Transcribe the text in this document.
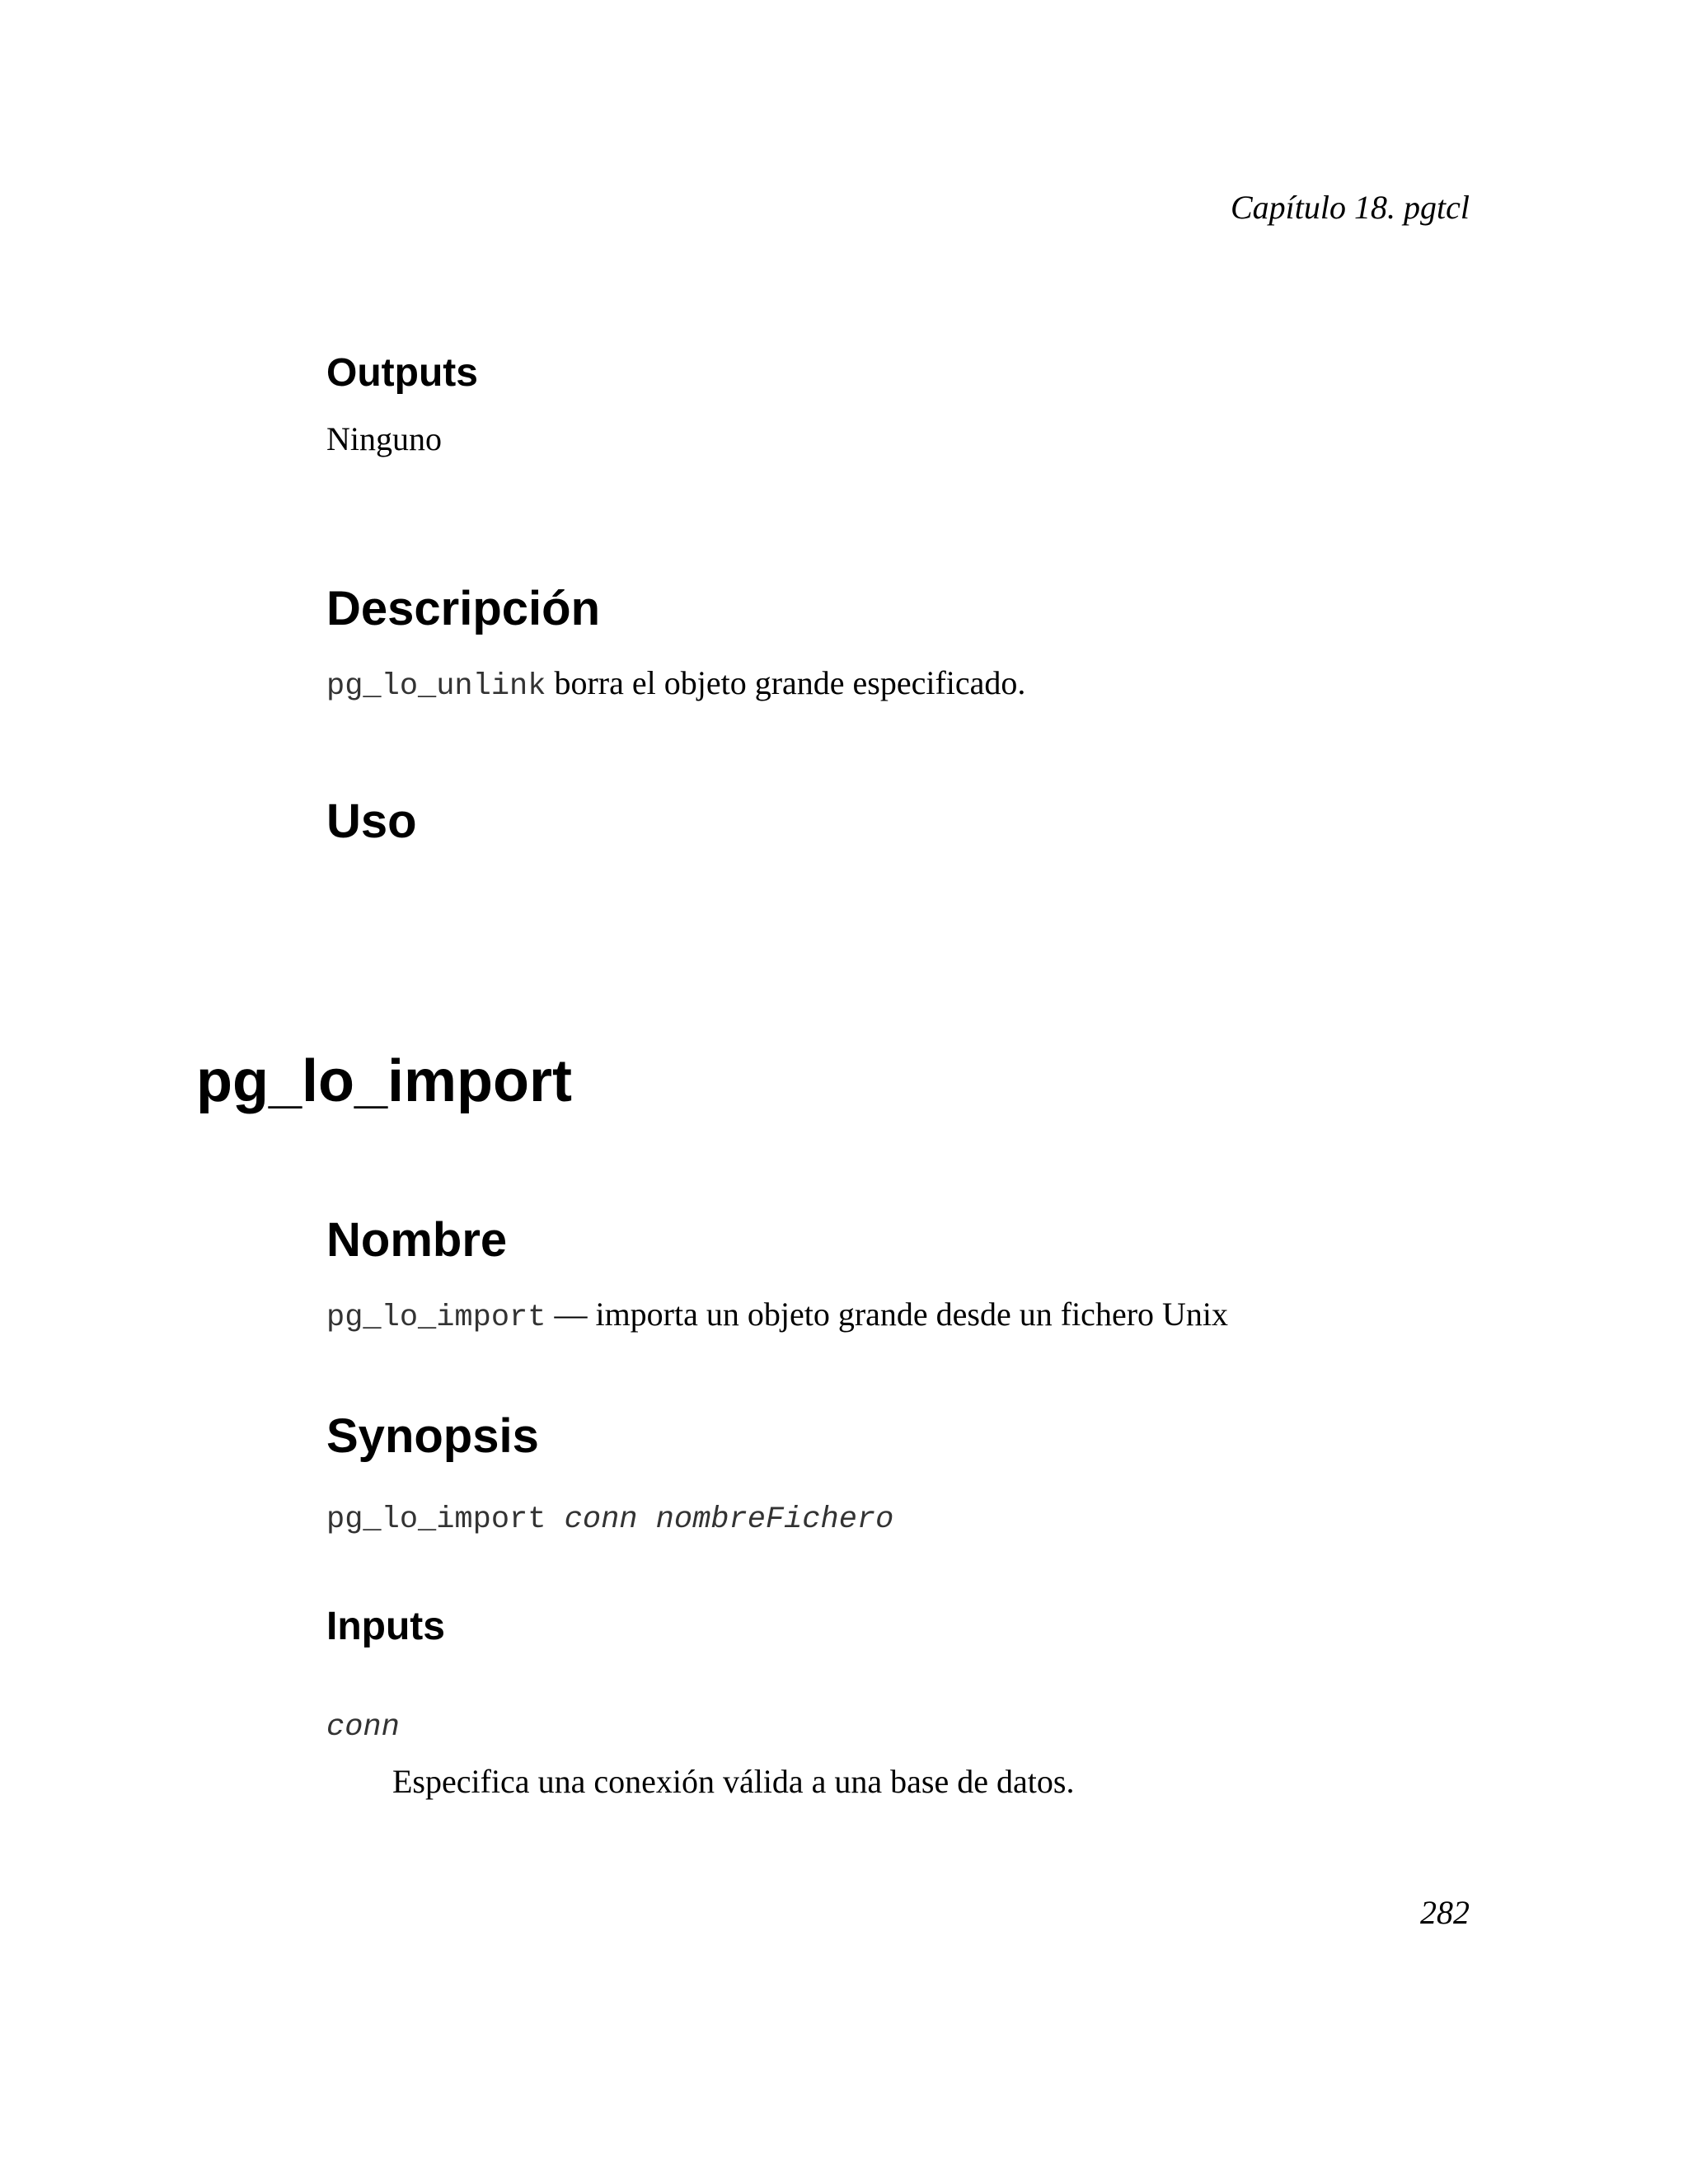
Capítulo 18. pgtcl
Outputs
Ninguno
Descripción
pg_lo_unlink borra el objeto grande especificado.
Uso
pg_lo_import
Nombre
pg_lo_import — importa un objeto grande desde un fichero Unix
Synopsis
pg_lo_import conn nombreFichero
Inputs
conn
Especifica una conexión válida a una base de datos.
282
